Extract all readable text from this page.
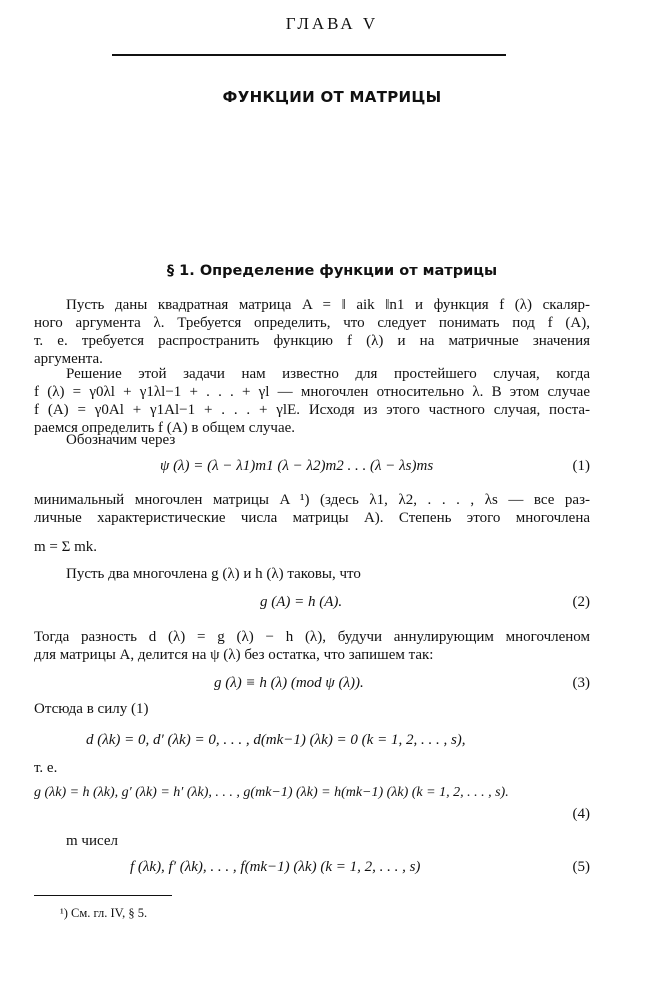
ГЛАВА V
ФУНКЦИИ ОТ МАТРИЦЫ
§ 1. Определение функции от матрицы
Пусть даны квадратная матрица A = ‖ aik ‖n1 и функция f (λ) скаляр-
ного аргумента λ. Требуется определить, что следует понимать под f (A),
т. е. требуется распространить функцию f (λ) и на матричные значения
аргумента.
Решение этой задачи нам известно для простейшего случая, когда
f (λ) = γ0λl + γ1λl−1 + . . . + γl — многочлен относительно λ. В этом случае
f (A) = γ0Al + γ1Al−1 + . . . + γlE. Исходя из этого частного случая, поста-
раемся определить f (A) в общем случае.
Обозначим через
ψ (λ) = (λ − λ1)m1 (λ − λ2)m2 . . . (λ − λs)ms	(1)
минимальный многочлен матрицы A ¹) (здесь λ1, λ2, . . . , λs — все раз-
личные характеристические числа матрицы A). Степень этого многочлена
m = Σ mk.
Пусть два многочлена g (λ) и h (λ) таковы, что
g (A) = h (A).	(2)
Тогда разность d (λ) = g (λ) − h (λ), будучи аннулирующим многочленом
для матрицы A, делится на ψ (λ) без остатка, что запишем так:
g (λ) ≡ h (λ) (mod ψ (λ)).	(3)
Отсюда в силу (1)
d (λk) = 0, d′ (λk) = 0, . . . , d(mk−1) (λk) = 0 (k = 1, 2, . . . , s),
т. е.
g (λk) = h (λk), g′ (λk) = h′ (λk), . . . , g(mk−1) (λk) = h(mk−1) (λk) (k = 1, 2, . . . , s).
(4)
m чисел
f (λk), f′ (λk), . . . , f(mk−1) (λk) (k = 1, 2, . . . , s)	(5)
¹) См. гл. IV, § 5.
